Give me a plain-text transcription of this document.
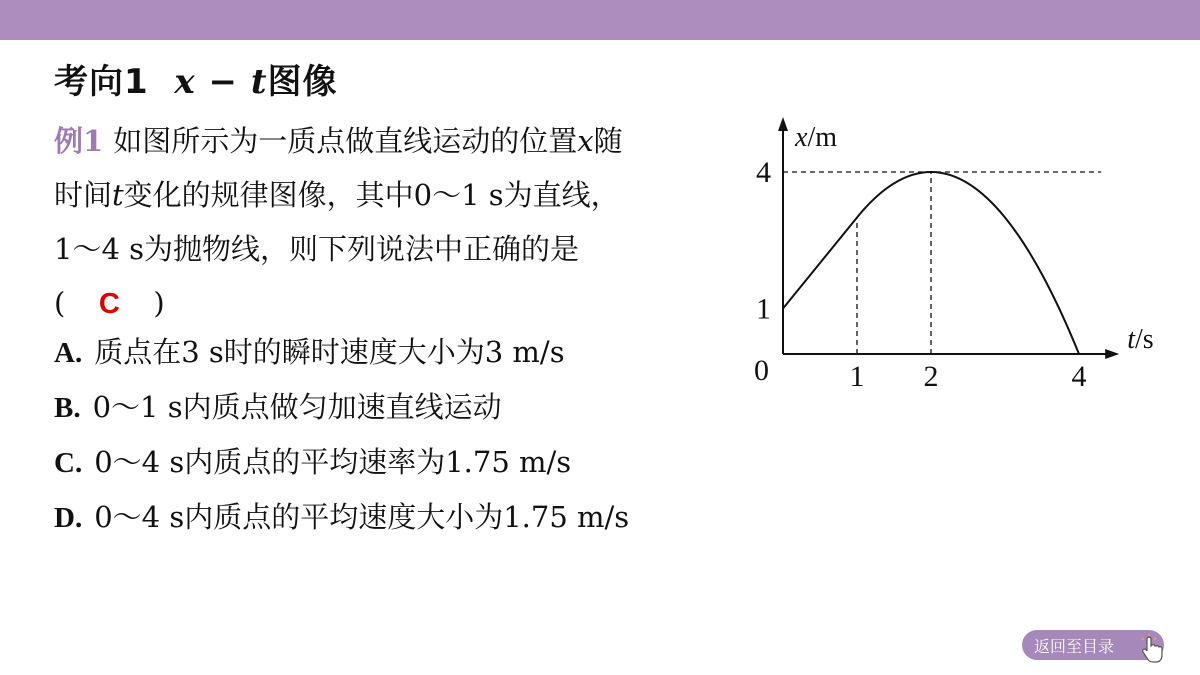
考向1 x − t图像
例1 如图所示为一质点做直线运动的位置x随
时间t变化的规律图像，其中0～1 s为直线，
1～4 s为抛物线，则下列说法中正确的是
( C )
A. 质点在3 s时的瞬时速度大小为3 m/s
B. 0～1 s内质点做匀加速直线运动
C. 0～4 s内质点的平均速率为1.75 m/s
D. 0～4 s内质点的平均速度大小为1.75 m/s
1 2	4
1
4
0
x/m
t/s
返回至目录
